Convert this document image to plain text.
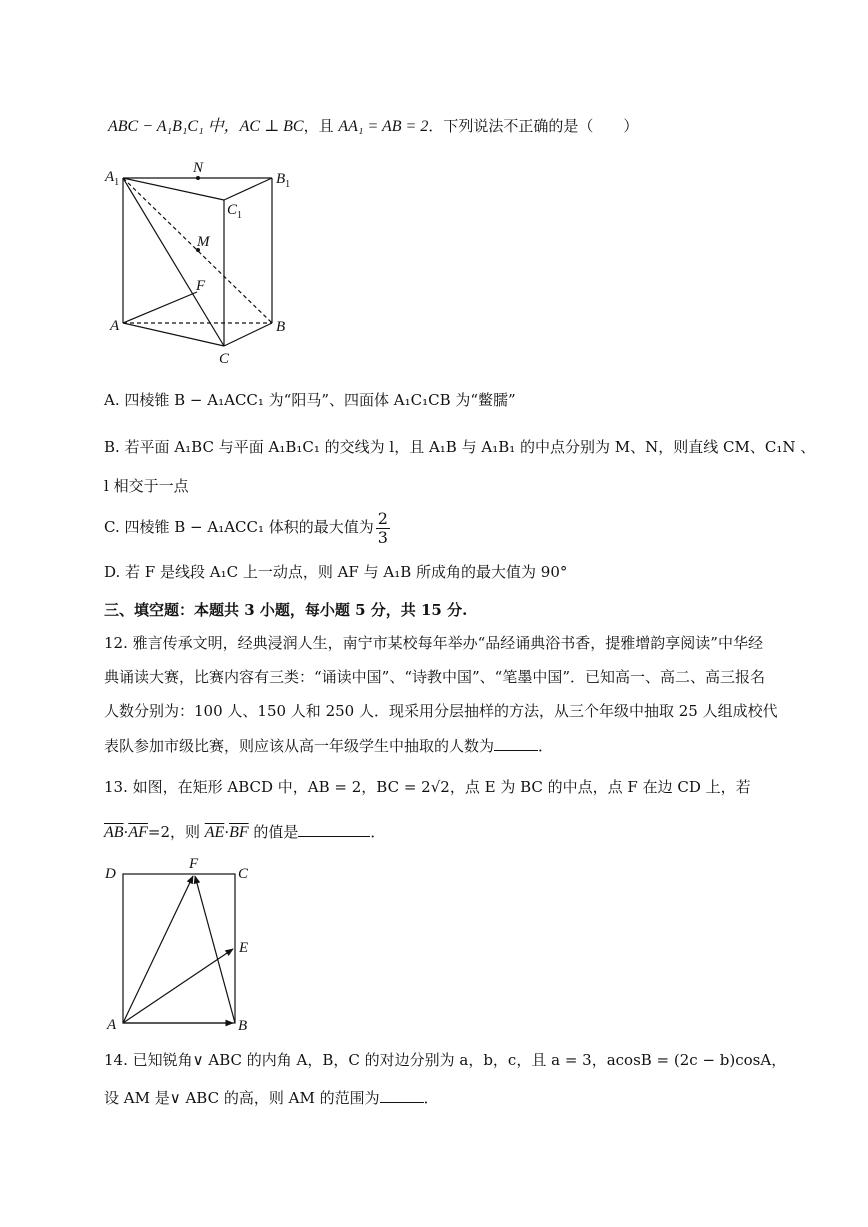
ABC − A₁B₁C₁ 中，AC ⊥ BC，且 AA₁ = AB = 2．下列说法不正确的是（　　）
$A_1$	$B_1$
$C_1$
N
M
F
A	B
C
A. 四棱锥 B − A₁ACC₁ 为“阳马”、四面体 A₁C₁CB 为“鳖臑”
B. 若平面 A₁BC 与平面 A₁B₁C₁ 的交线为 l，且 A₁B 与 A₁B₁ 的中点分别为 M、N，则直线 CM、C₁N 、
l 相交于一点
C. 四棱锥 B − A₁ACC₁ 体积的最大值为 $\frac{2}{3}$
D. 若 F 是线段 A₁C 上一动点，则 AF 与 A₁B 所成角的最大值为 90°
三、填空题：本题共 3 小题，每小题 5 分，共 15 分.
12. 雅言传承文明，经典浸润人生，南宁市某校每年举办“品经诵典浴书香，提雅增韵享阅读”中华经
典诵读大赛，比赛内容有三类：“诵读中国”、“诗教中国”、“笔墨中国”．已知高一、高二、高三报名
人数分别为：100 人、150 人和 250 人．现采用分层抽样的方法，从三个年级中抽取 25 人组成校代
表队参加市级比赛，则应该从高一年级学生中抽取的人数为	．
13. 如图，在矩形 ABCD 中，AB = 2，BC = 2√2，点 E 为 BC 的中点，点 F 在边 CD 上，若
$\overline{AB}\cdot\overline{AF}=2$，则 $\overline{AE}\cdot\overline{BF}$ 的值是	．
D
F
C
E
A	B
14. 已知锐角∨ ABC 的内角 A，B，C 的对边分别为 a，b，c，且 a = 3，acosB = (2c − b)cosA，
设 AM 是∨ ABC 的高，则 AM 的范围为	．
